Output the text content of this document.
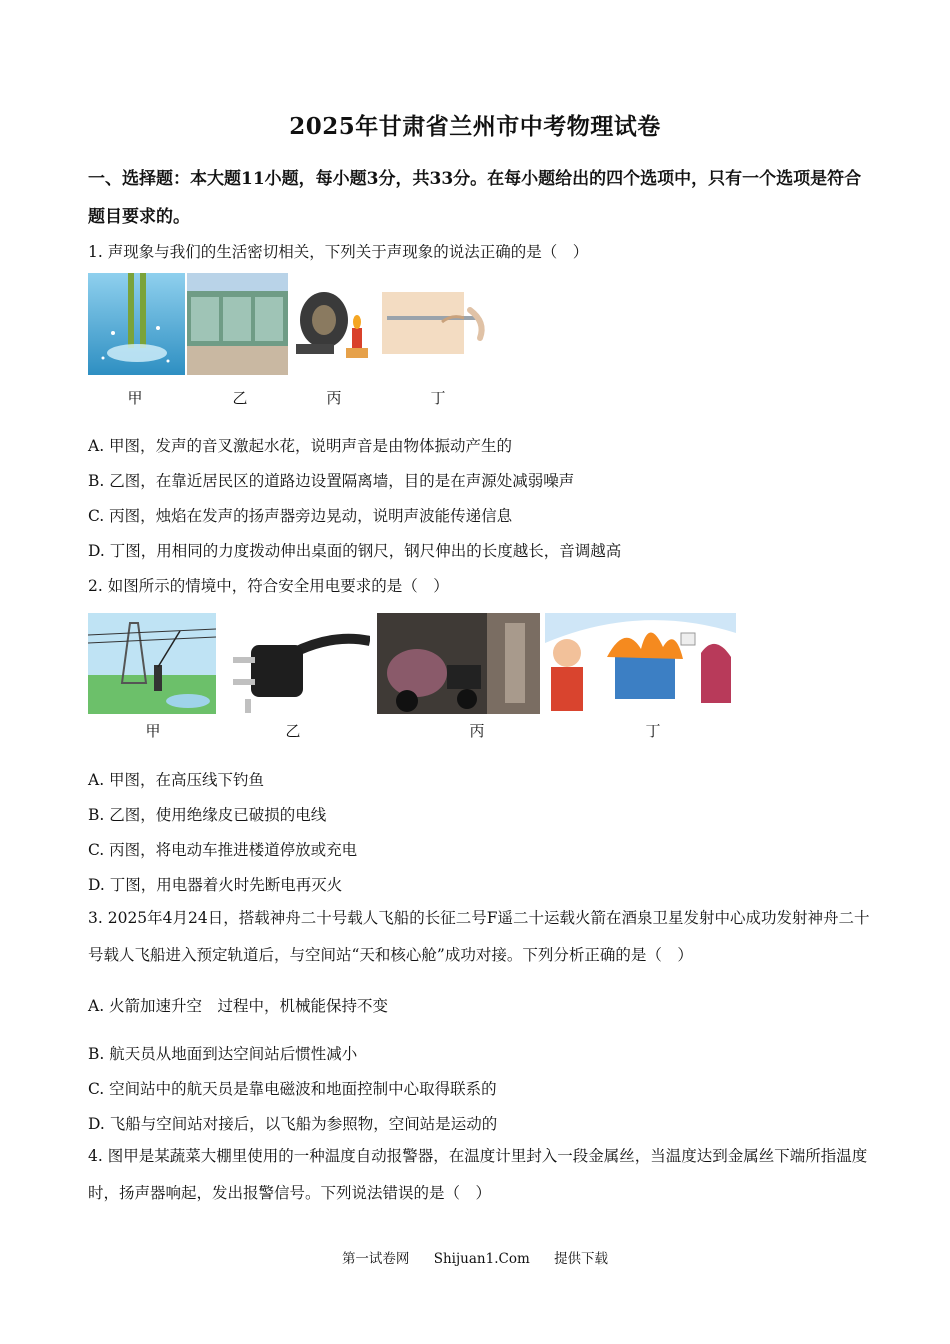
2025年甘肃省兰州市中考物理试卷
一、选择题：本大题11小题，每小题3分，共33分。在每小题给出的四个选项中，只有一个选项是符合题目要求的。
1. 声现象与我们的生活密切相关，下列关于声现象的说法正确的是（　）
甲	乙	丙	丁
A. 甲图，发声的音叉激起水花，说明声音是由物体振动产生的
B. 乙图，在靠近居民区的道路边设置隔离墙，目的是在声源处减弱噪声
C. 丙图，烛焰在发声的扬声器旁边晃动，说明声波能传递信息
D. 丁图，用相同的力度拨动伸出桌面的钢尺，钢尺伸出的长度越长，音调越高
2. 如图所示的情境中，符合安全用电要求的是（　）
甲	乙	丙	丁
A. 甲图，在高压线下钓鱼
B. 乙图，使用绝缘皮已破损的电线
C. 丙图，将电动车推进楼道停放或充电
D. 丁图，用电器着火时先断电再灭火
3. 2025年4月24日，搭载神舟二十号载人飞船的长征二号F遥二十运载火箭在酒泉卫星发射中心成功发射神舟二十号载人飞船进入预定轨道后，与空间站“天和核心舱”成功对接。下列分析正确的是（　）
A. 火箭加速升空　过程中，机械能保持不变
B. 航天员从地面到达空间站后惯性减小
C. 空间站中的航天员是靠电磁波和地面控制中心取得联系的
D. 飞船与空间站对接后，以飞船为参照物，空间站是运动的
4. 图甲是某蔬菜大棚里使用的一种温度自动报警器，在温度计里封入一段金属丝，当温度达到金属丝下端所指温度时，扬声器响起，发出报警信号。下列说法错误的是（　）
第一试卷网 Shijuan1.Com 提供下载
